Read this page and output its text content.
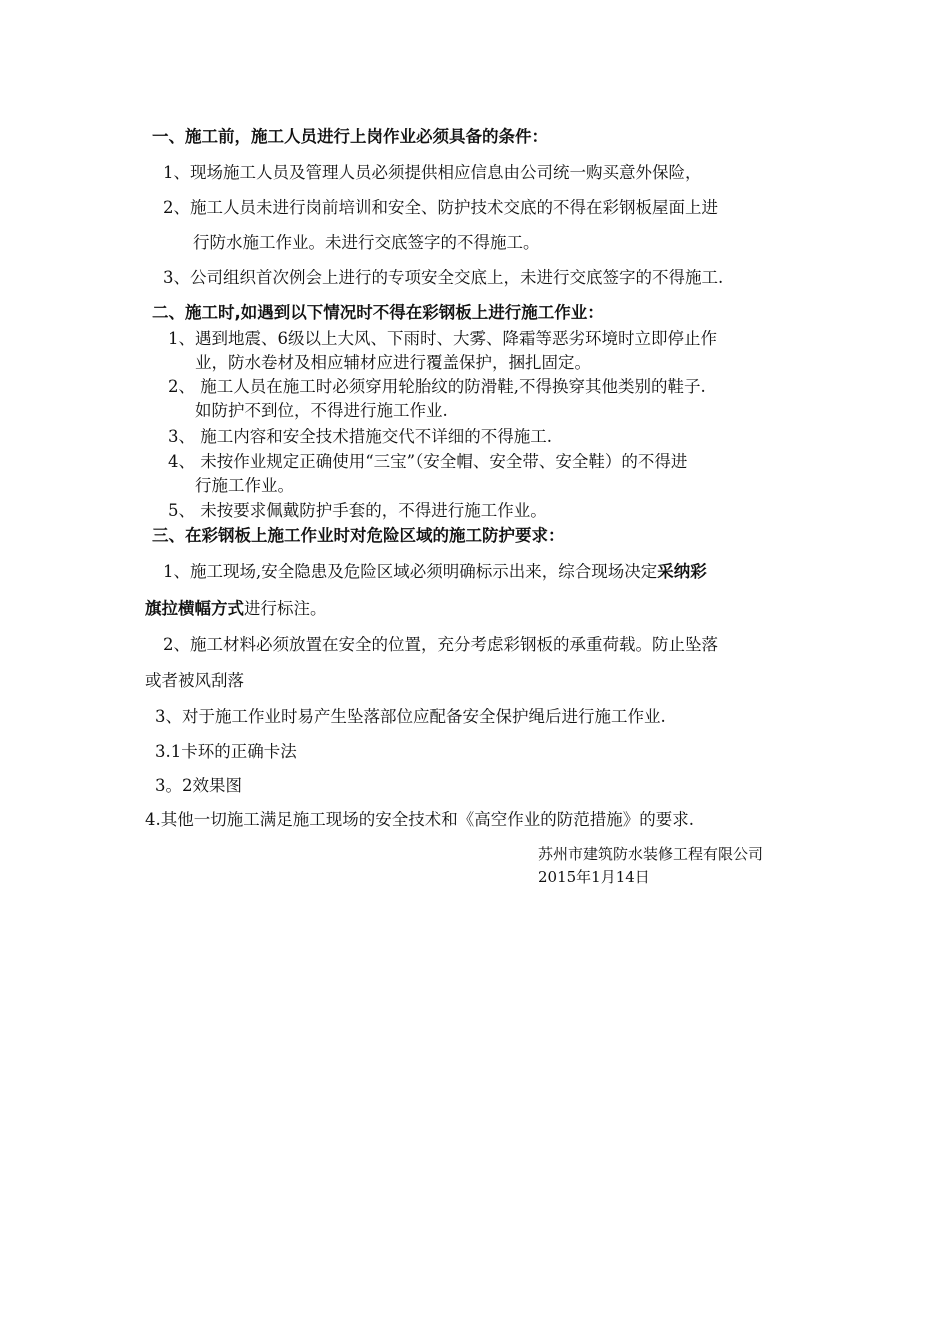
一、施工前，施工人员进行上岗作业必须具备的条件：
1、现场施工人员及管理人员必须提供相应信息由公司统一购买意外保险，
2、施工人员未进行岗前培训和安全、防护技术交底的不得在彩钢板屋面上进
行防水施工作业。未进行交底签字的不得施工。
3、公司组织首次例会上进行的专项安全交底上，未进行交底签字的不得施工.
二、施工时,如遇到以下情况时不得在彩钢板上进行施工作业：
1、遇到地震、6级以上大风、下雨时、大雾、降霜等恶劣环境时立即停止作
业，防水卷材及相应辅材应进行覆盖保护，捆扎固定。
2、 施工人员在施工时必须穿用轮胎纹的防滑鞋,不得换穿其他类别的鞋子.
如防护不到位，不得进行施工作业.
3、 施工内容和安全技术措施交代不详细的不得施工.
4、 未按作业规定正确使用“三宝”（安全帽、安全带、安全鞋）的不得进
行施工作业。
5、 未按要求佩戴防护手套的，不得进行施工作业。
三、在彩钢板上施工作业时对危险区域的施工防护要求：
1、施工现场,安全隐患及危险区域必须明确标示出来，综合现场决定采纳彩
旗拉横幅方式进行标注。
2、施工材料必须放置在安全的位置，充分考虑彩钢板的承重荷载。防止坠落
或者被风刮落
3、对于施工作业时易产生坠落部位应配备安全保护绳后进行施工作业.
3.1卡环的正确卡法
3。2效果图
4.其他一切施工满足施工现场的安全技术和《高空作业的防范措施》的要求.
苏州市建筑防水装修工程有限公司
2015年1月14日
